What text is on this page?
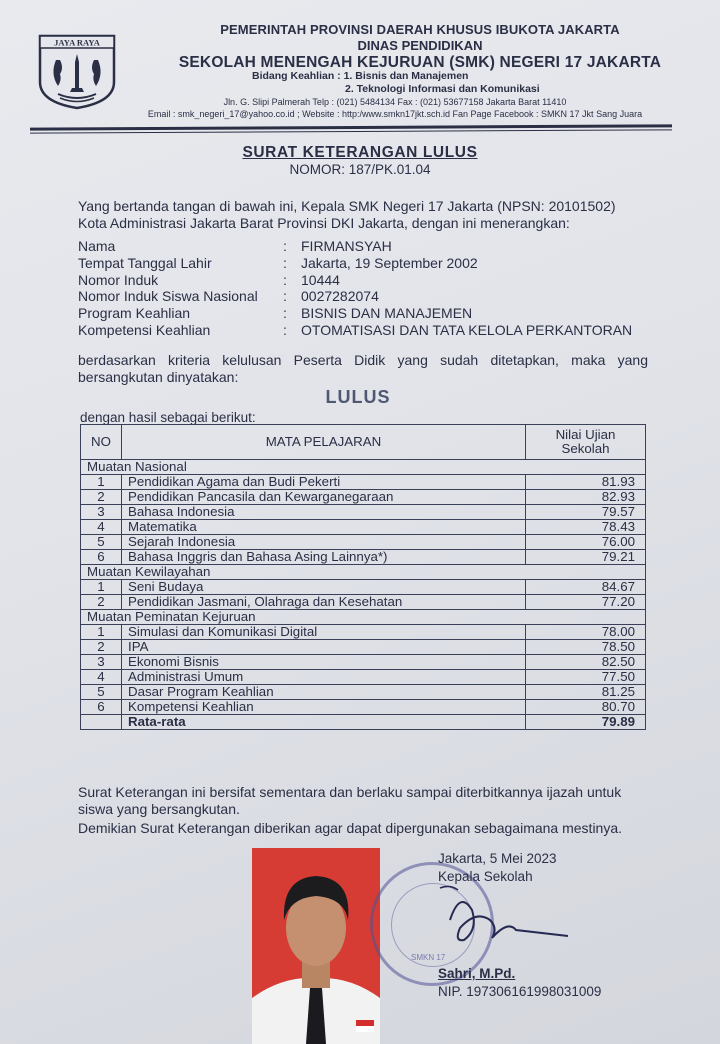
JAYA RAYA
PEMERINTAH PROVINSI DAERAH KHUSUS IBUKOTA JAKARTA
DINAS PENDIDIKAN
SEKOLAH MENENGAH KEJURUAN (SMK) NEGERI 17 JAKARTA
Bidang Keahlian : 1. Bisnis dan Manajemen
2. Teknologi Informasi dan Komunikasi
Jln. G. Slipi Palmerah Telp : (021) 5484134 Fax : (021) 53677158 Jakarta Barat 11410
Email : smk_negeri_17@yahoo.co.id ; Website : http:/www.smkn17jkt.sch.id Fan Page Facebook : SMKN 17 Jkt Sang Juara
SURAT KETERANGAN LULUS
NOMOR: 187/PK.01.04
Yang bertanda tangan di bawah ini, Kepala SMK Negeri 17 Jakarta (NPSN: 20101502) Kota Administrasi Jakarta Barat Provinsi DKI Jakarta, dengan ini menerangkan:
Nama	:	FIRMANSYAH
Tempat Tanggal Lahir	:	Jakarta, 19 September 2002
Nomor Induk	:	10444
Nomor Induk Siswa Nasional	:	0027282074
Program Keahlian	:	BISNIS DAN MANAJEMEN
Kompetensi Keahlian	:	OTOMATISASI DAN TATA KELOLA PERKANTORAN
berdasarkan kriteria kelulusan Peserta Didik yang sudah ditetapkan, maka yang bersangkutan dinyatakan:
LULUS
dengan hasil sebagai berikut:
NO	MATA PELAJARAN	Nilai Ujian Sekolah
Muatan Nasional		
1	Pendidikan Agama dan Budi Pekerti	81.93
2	Pendidikan Pancasila dan Kewarganegaraan	82.93
3	Bahasa Indonesia	79.57
4	Matematika	78.43
5	Sejarah Indonesia	76.00
6	Bahasa Inggris dan Bahasa Asing Lainnya*)	79.21
Muatan Kewilayahan		
1	Seni Budaya	84.67
2	Pendidikan Jasmani, Olahraga dan Kesehatan	77.20
Muatan Peminatan Kejuruan		
1	Simulasi dan Komunikasi Digital	78.00
2	IPA	78.50
3	Ekonomi Bisnis	82.50
4	Administrasi Umum	77.50
5	Dasar Program Keahlian	81.25
6	Kompetensi Keahlian	80.70
	Rata-rata	79.89
Surat Keterangan ini bersifat sementara dan berlaku sampai diterbitkannya ijazah untuk siswa yang bersangkutan.
Demikian Surat Keterangan diberikan agar dapat dipergunakan sebagaimana mestinya.
SMKN 17
Jakarta, 5 Mei 2023
Kepala Sekolah
Sahri, M.Pd.
NIP. 197306161998031009
